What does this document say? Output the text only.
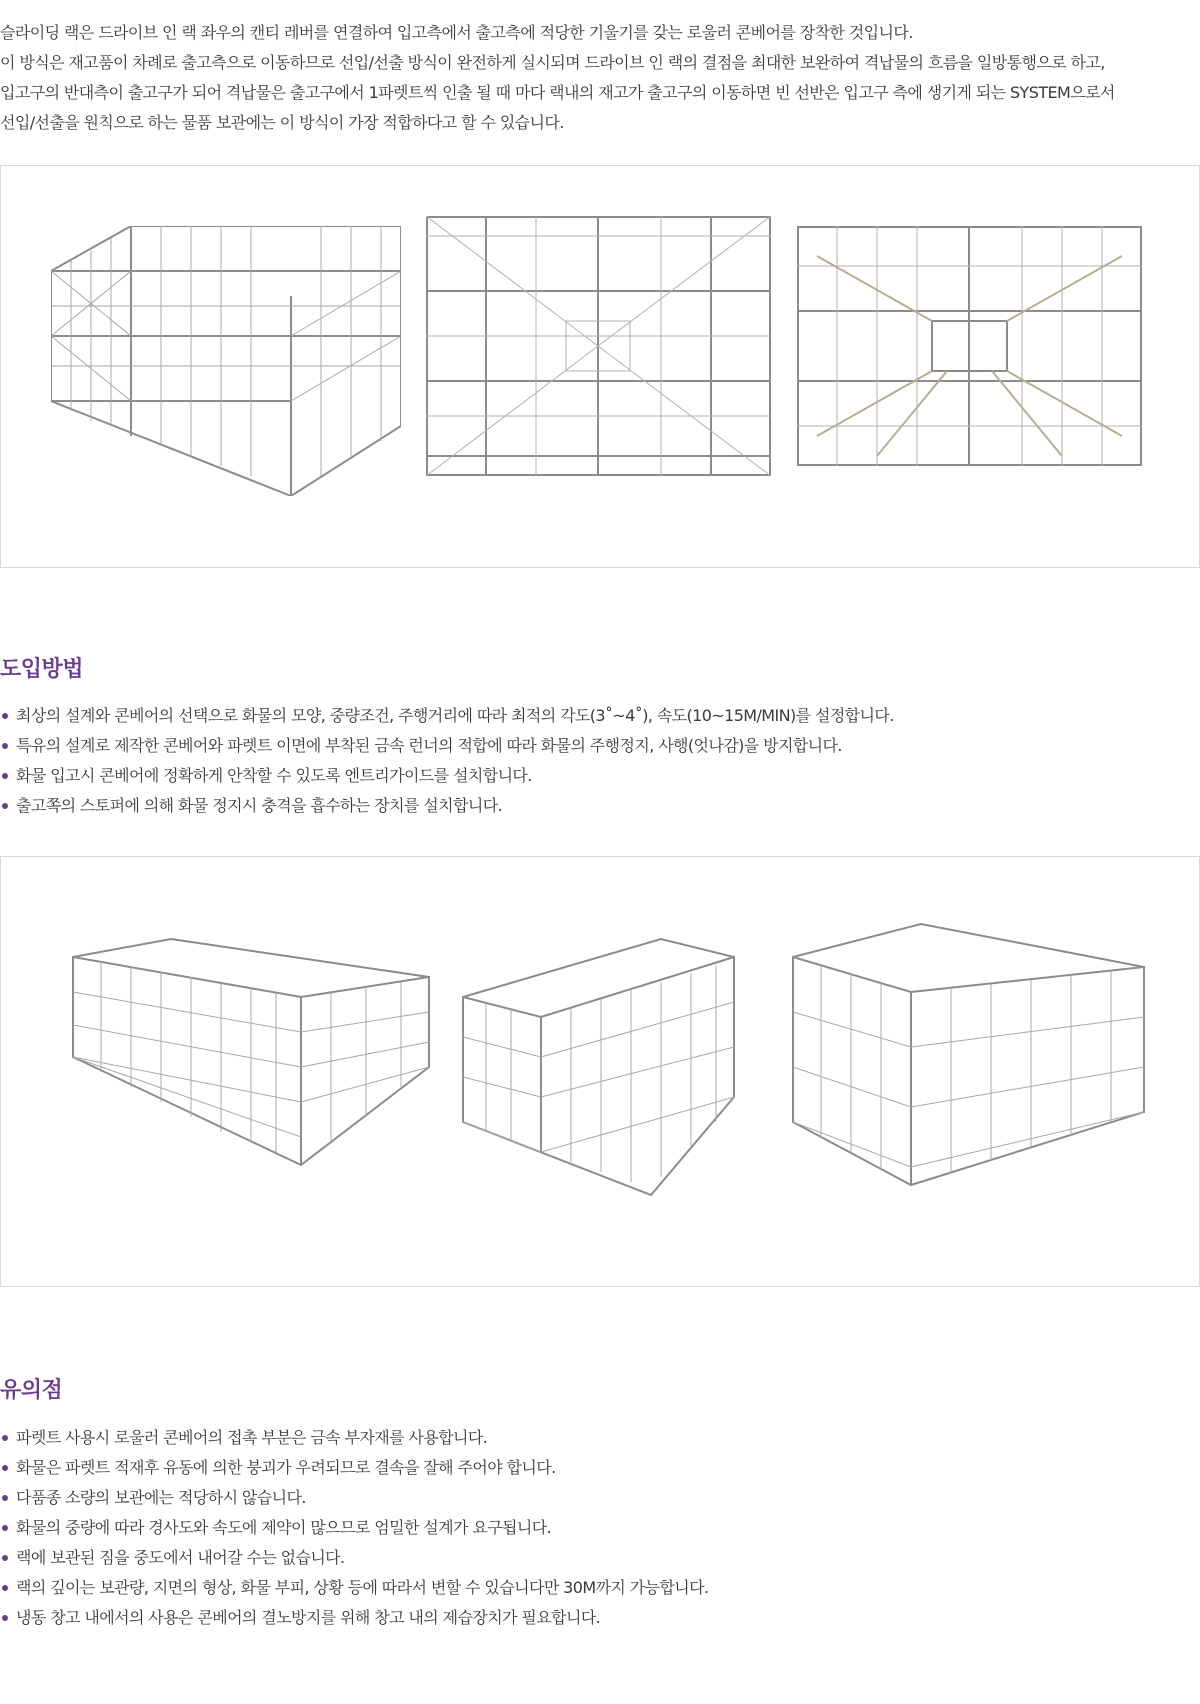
슬라이딩 랙은 드라이브 인 랙 좌우의 캔티 레버를 연결하여 입고측에서 출고측에 적당한 기울기를 갖는 로울러 콘베어를 장착한 것입니다.

이 방식은 재고품이 차례로 출고측으로 이동하므로 선입/선출 방식이 완전하게 실시되며 드라이브 인 랙의 결점을 최대한 보완하여 격납물의 흐름을 일방통행으로 하고,

입고구의 반대측이 출고구가 되어 격납물은 출고구에서 1파렛트씩 인출 될 때 마다 랙내의 재고가 출고구의 이동하면 빈 선반은 입고구 측에 생기게 되는 SYSTEM으로서

선입/선출을 원칙으로 하는 물품 보관에는 이 방식이 가장 적합하다고 할 수 있습니다.

도입방법
최상의 설계와 콘베어의 선택으로 화물의 모양, 중량조건, 주행거리에 따라 최적의 각도(3˚~4˚), 속도(10~15M/MIN)를 설정합니다.
특유의 설계로 제작한 콘베어와 파렛트 이면에 부착된 금속 런너의 적합에 따라 화물의 주행정지, 사행(엇나감)을 방지합니다.
화물 입고시 콘베어에 정확하게 안착할 수 있도록 엔트리가이드를 설치합니다.
출고쪽의 스토퍼에 의해 화물 정지시 충격을 흡수하는 장치를 설치합니다.
유의점
파렛트 사용시 로울러 콘베어의 접촉 부분은 금속 부자재를 사용합니다.
화물은 파렛트 적재후 유동에 의한 붕괴가 우려되므로 결속을 잘해 주어야 합니다.
다품종 소량의 보관에는 적당하시 않습니다.
화물의 중량에 따라 경사도와 속도에 제약이 많으므로 엄밀한 설계가 요구됩니다.
랙에 보관된 짐을 중도에서 내어갈 수는 없습니다.
랙의 깊이는 보관량, 지면의 형상, 화물 부피, 상황 등에 따라서 변할 수 있습니다만 30M까지 가능합니다.
냉동 창고 내에서의 사용은 콘베어의 결노방지를 위해 창고 내의 제습장치가 필요합니다.
